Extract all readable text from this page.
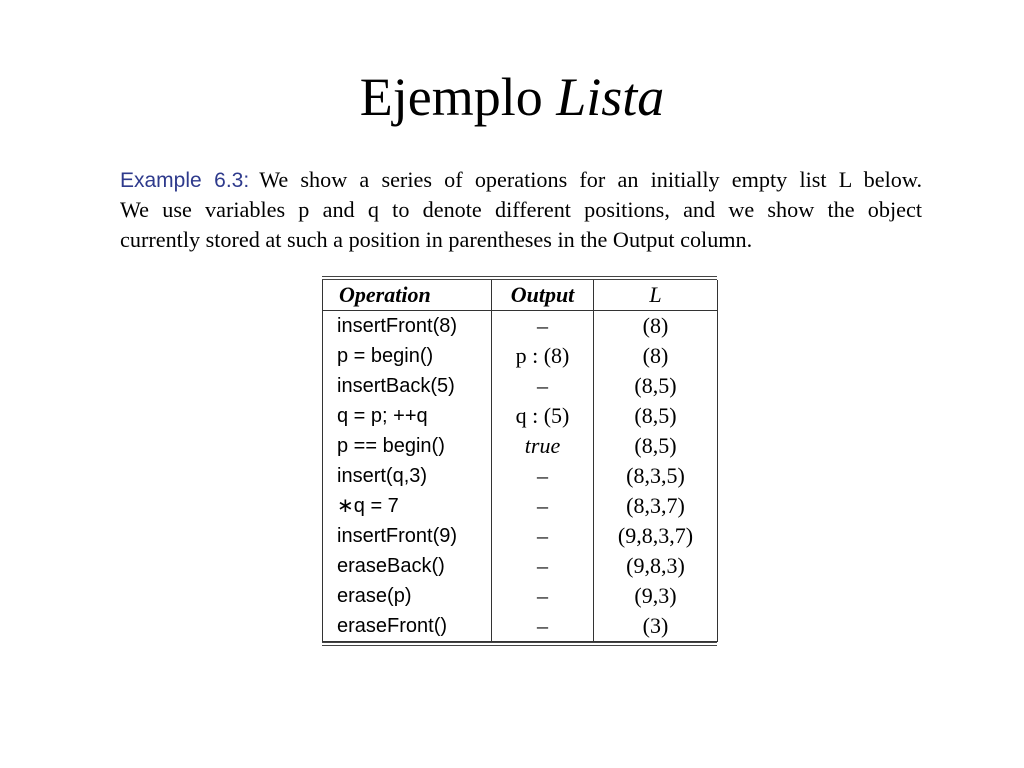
Ejemplo Lista
Example 6.3: We show a series of operations for an initially empty list L below.
We use variables p and q to denote different positions, and we show the object
currently stored at such a position in parentheses in the Output column.
Operation	Output	L
insertFront(8)	–	(8)
p = begin()	p : (8)	(8)
insertBack(5)	–	(8,5)
q = p; ++q	q : (5)	(8,5)
p == begin()	true	(8,5)
insert(q,3)	–	(8,3,5)
∗q = 7	–	(8,3,7)
insertFront(9)	–	(9,8,3,7)
eraseBack()	–	(9,8,3)
erase(p)	–	(9,3)
eraseFront()	–	(3)
